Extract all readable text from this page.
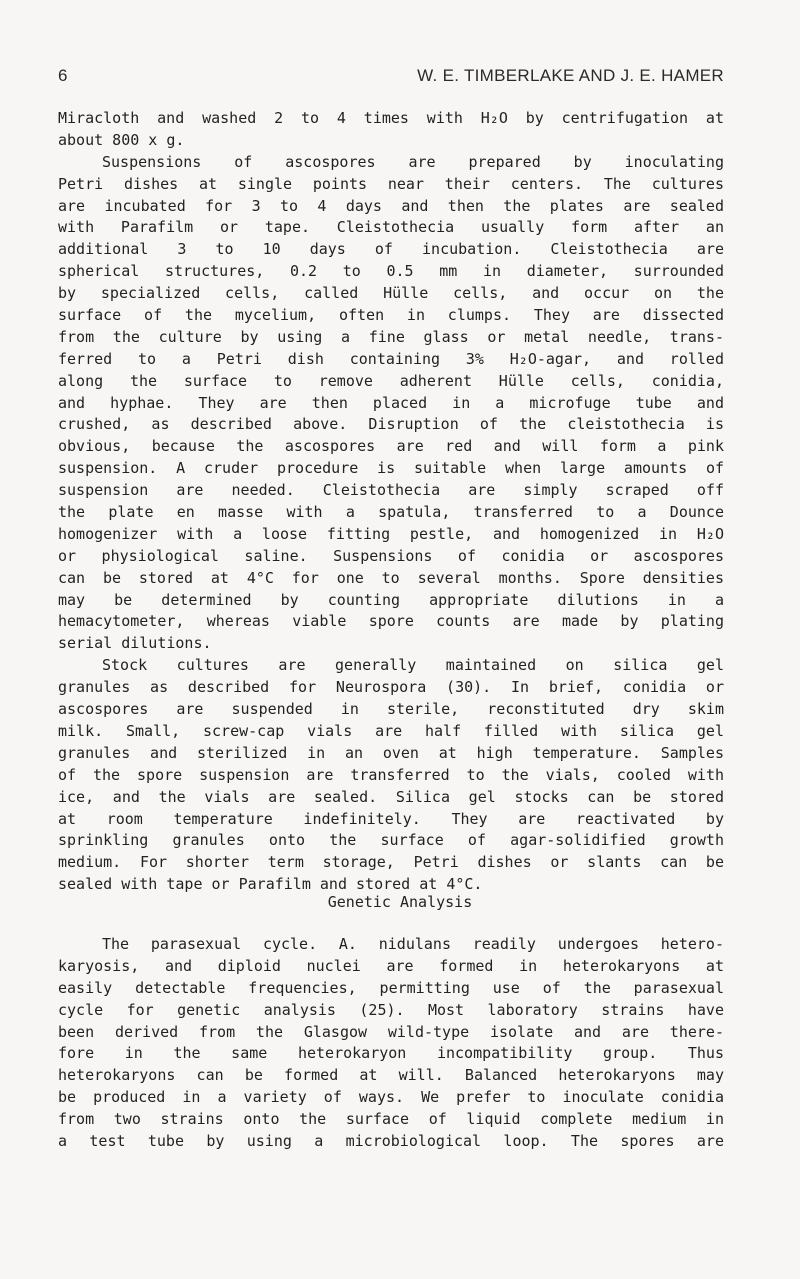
6	W. E. TIMBERLAKE AND J. E. HAMER
Miracloth and washed 2 to 4 times with H₂O by centrifugation at
about 800 x g.
Suspensions of ascospores are prepared by inoculating
Petri dishes at single points near their centers. The cultures
are incubated for 3 to 4 days and then the plates are sealed
with Parafilm or tape. Cleistothecia usually form after an
additional 3 to 10 days of incubation. Cleistothecia are
spherical structures, 0.2 to 0.5 mm in diameter, surrounded
by specialized cells, called Hülle cells, and occur on the
surface of the mycelium, often in clumps. They are dissected
from the culture by using a fine glass or metal needle, trans-
ferred to a Petri dish containing 3% H₂O-agar, and rolled
along the surface to remove adherent Hülle cells, conidia,
and hyphae. They are then placed in a microfuge tube and
crushed, as described above. Disruption of the cleistothecia is
obvious, because the ascospores are red and will form a pink
suspension. A cruder procedure is suitable when large amounts of
suspension are needed. Cleistothecia are simply scraped off
the plate en masse with a spatula, transferred to a Dounce
homogenizer with a loose fitting pestle, and homogenized in H₂O
or physiological saline. Suspensions of conidia or ascospores
can be stored at 4°C for one to several months. Spore densities
may be determined by counting appropriate dilutions in a
hemacytometer, whereas viable spore counts are made by plating
serial dilutions.
Stock cultures are generally maintained on silica gel
granules as described for Neurospora (30). In brief, conidia or
ascospores are suspended in sterile, reconstituted dry skim
milk. Small, screw-cap vials are half filled with silica gel
granules and sterilized in an oven at high temperature. Samples
of the spore suspension are transferred to the vials, cooled with
ice, and the vials are sealed. Silica gel stocks can be stored
at room temperature indefinitely. They are reactivated by
sprinkling granules onto the surface of agar-solidified growth
medium. For shorter term storage, Petri dishes or slants can be
sealed with tape or Parafilm and stored at 4°C.
Genetic Analysis
The parasexual cycle. A. nidulans readily undergoes hetero-
karyosis, and diploid nuclei are formed in heterokaryons at
easily detectable frequencies, permitting use of the parasexual
cycle for genetic analysis (25). Most laboratory strains have
been derived from the Glasgow wild-type isolate and are there-
fore in the same heterokaryon incompatibility group. Thus
heterokaryons can be formed at will. Balanced heterokaryons may
be produced in a variety of ways. We prefer to inoculate conidia
from two strains onto the surface of liquid complete medium in
a test tube by using a microbiological loop. The spores are
